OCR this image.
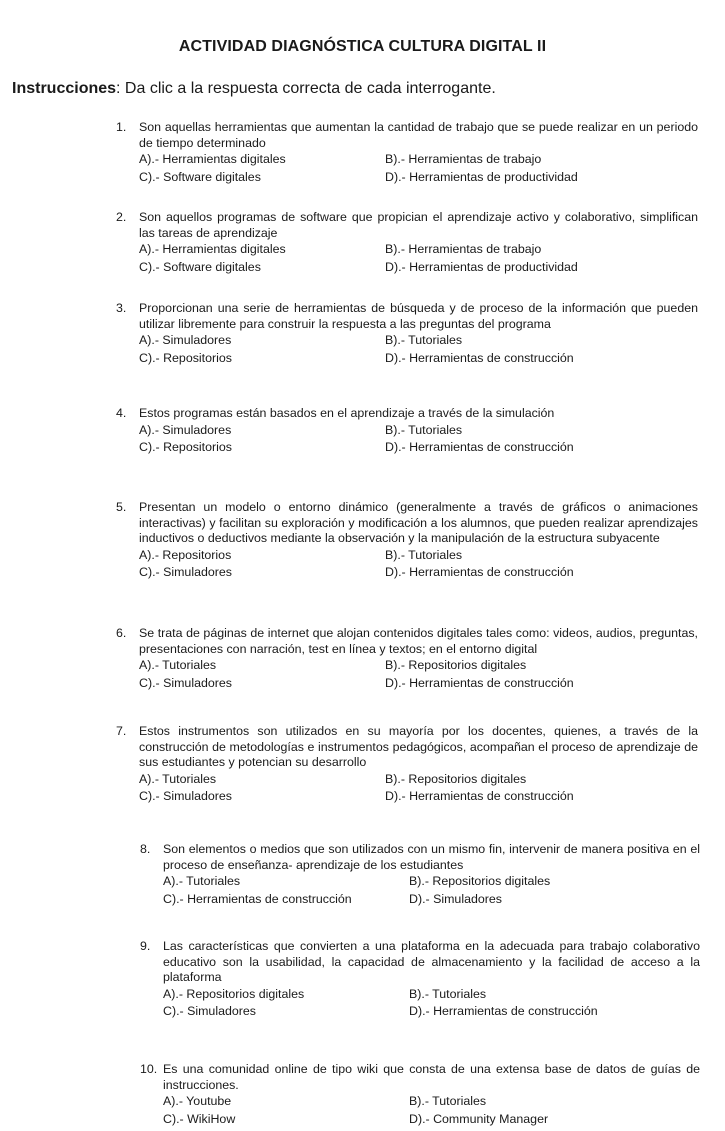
ACTIVIDAD DIAGNÓSTICA CULTURA DIGITAL II
Instrucciones: Da clic a la respuesta correcta de cada interrogante.
1. Son aquellas herramientas que aumentan la cantidad de trabajo que se puede realizar en un periodo de tiempo determinado
A).- Herramientas digitales	B).- Herramientas de trabajo
C).- Software digitales	D).- Herramientas de productividad
2. Son aquellos programas de software que propician el aprendizaje activo y colaborativo, simplifican las tareas de aprendizaje
A).- Herramientas digitales	B).- Herramientas de trabajo
C).- Software digitales	D).- Herramientas de productividad
3. Proporcionan una serie de herramientas de búsqueda y de proceso de la información que pueden utilizar libremente para construir la respuesta a las preguntas del programa
A).- Simuladores	B).- Tutoriales
C).- Repositorios	D).- Herramientas de construcción
4. Estos programas están basados en el aprendizaje a través de la simulación
A).- Simuladores	B).- Tutoriales
C).- Repositorios	D).- Herramientas de construcción
5. Presentan un modelo o entorno dinámico (generalmente a través de gráficos o animaciones interactivas) y facilitan su exploración y modificación a los alumnos, que pueden realizar aprendizajes inductivos o deductivos mediante la observación y la manipulación de la estructura subyacente
A).- Repositorios	B).- Tutoriales
C).- Simuladores	D).- Herramientas de construcción
6. Se trata de páginas de internet que alojan contenidos digitales tales como: videos, audios, preguntas, presentaciones con narración, test en línea y textos; en el entorno digital
A).- Tutoriales	B).- Repositorios digitales
C).- Simuladores	D).- Herramientas de construcción
7. Estos instrumentos son utilizados en su mayoría por los docentes, quienes, a través de la construcción de metodologías e instrumentos pedagógicos, acompañan el proceso de aprendizaje de sus estudiantes y potencian su desarrollo
A).- Tutoriales	B).- Repositorios digitales
C).- Simuladores	D).- Herramientas de construcción
8. Son elementos o medios que son utilizados con un mismo fin, intervenir de manera positiva en el proceso de enseñanza- aprendizaje de los estudiantes
A).- Tutoriales	B).- Repositorios digitales
C).- Herramientas de construcción	D).- Simuladores
9. Las características que convierten a una plataforma en la adecuada para trabajo colaborativo educativo son la usabilidad, la capacidad de almacenamiento y la facilidad de acceso a la plataforma
A).- Repositorios digitales	B).- Tutoriales
C).- Simuladores	D).- Herramientas de construcción
10. Es una comunidad online de tipo wiki que consta de una extensa base de datos de guías de instrucciones.
A).- Youtube	B).- Tutoriales
C).- WikiHow	D).- Community Manager
